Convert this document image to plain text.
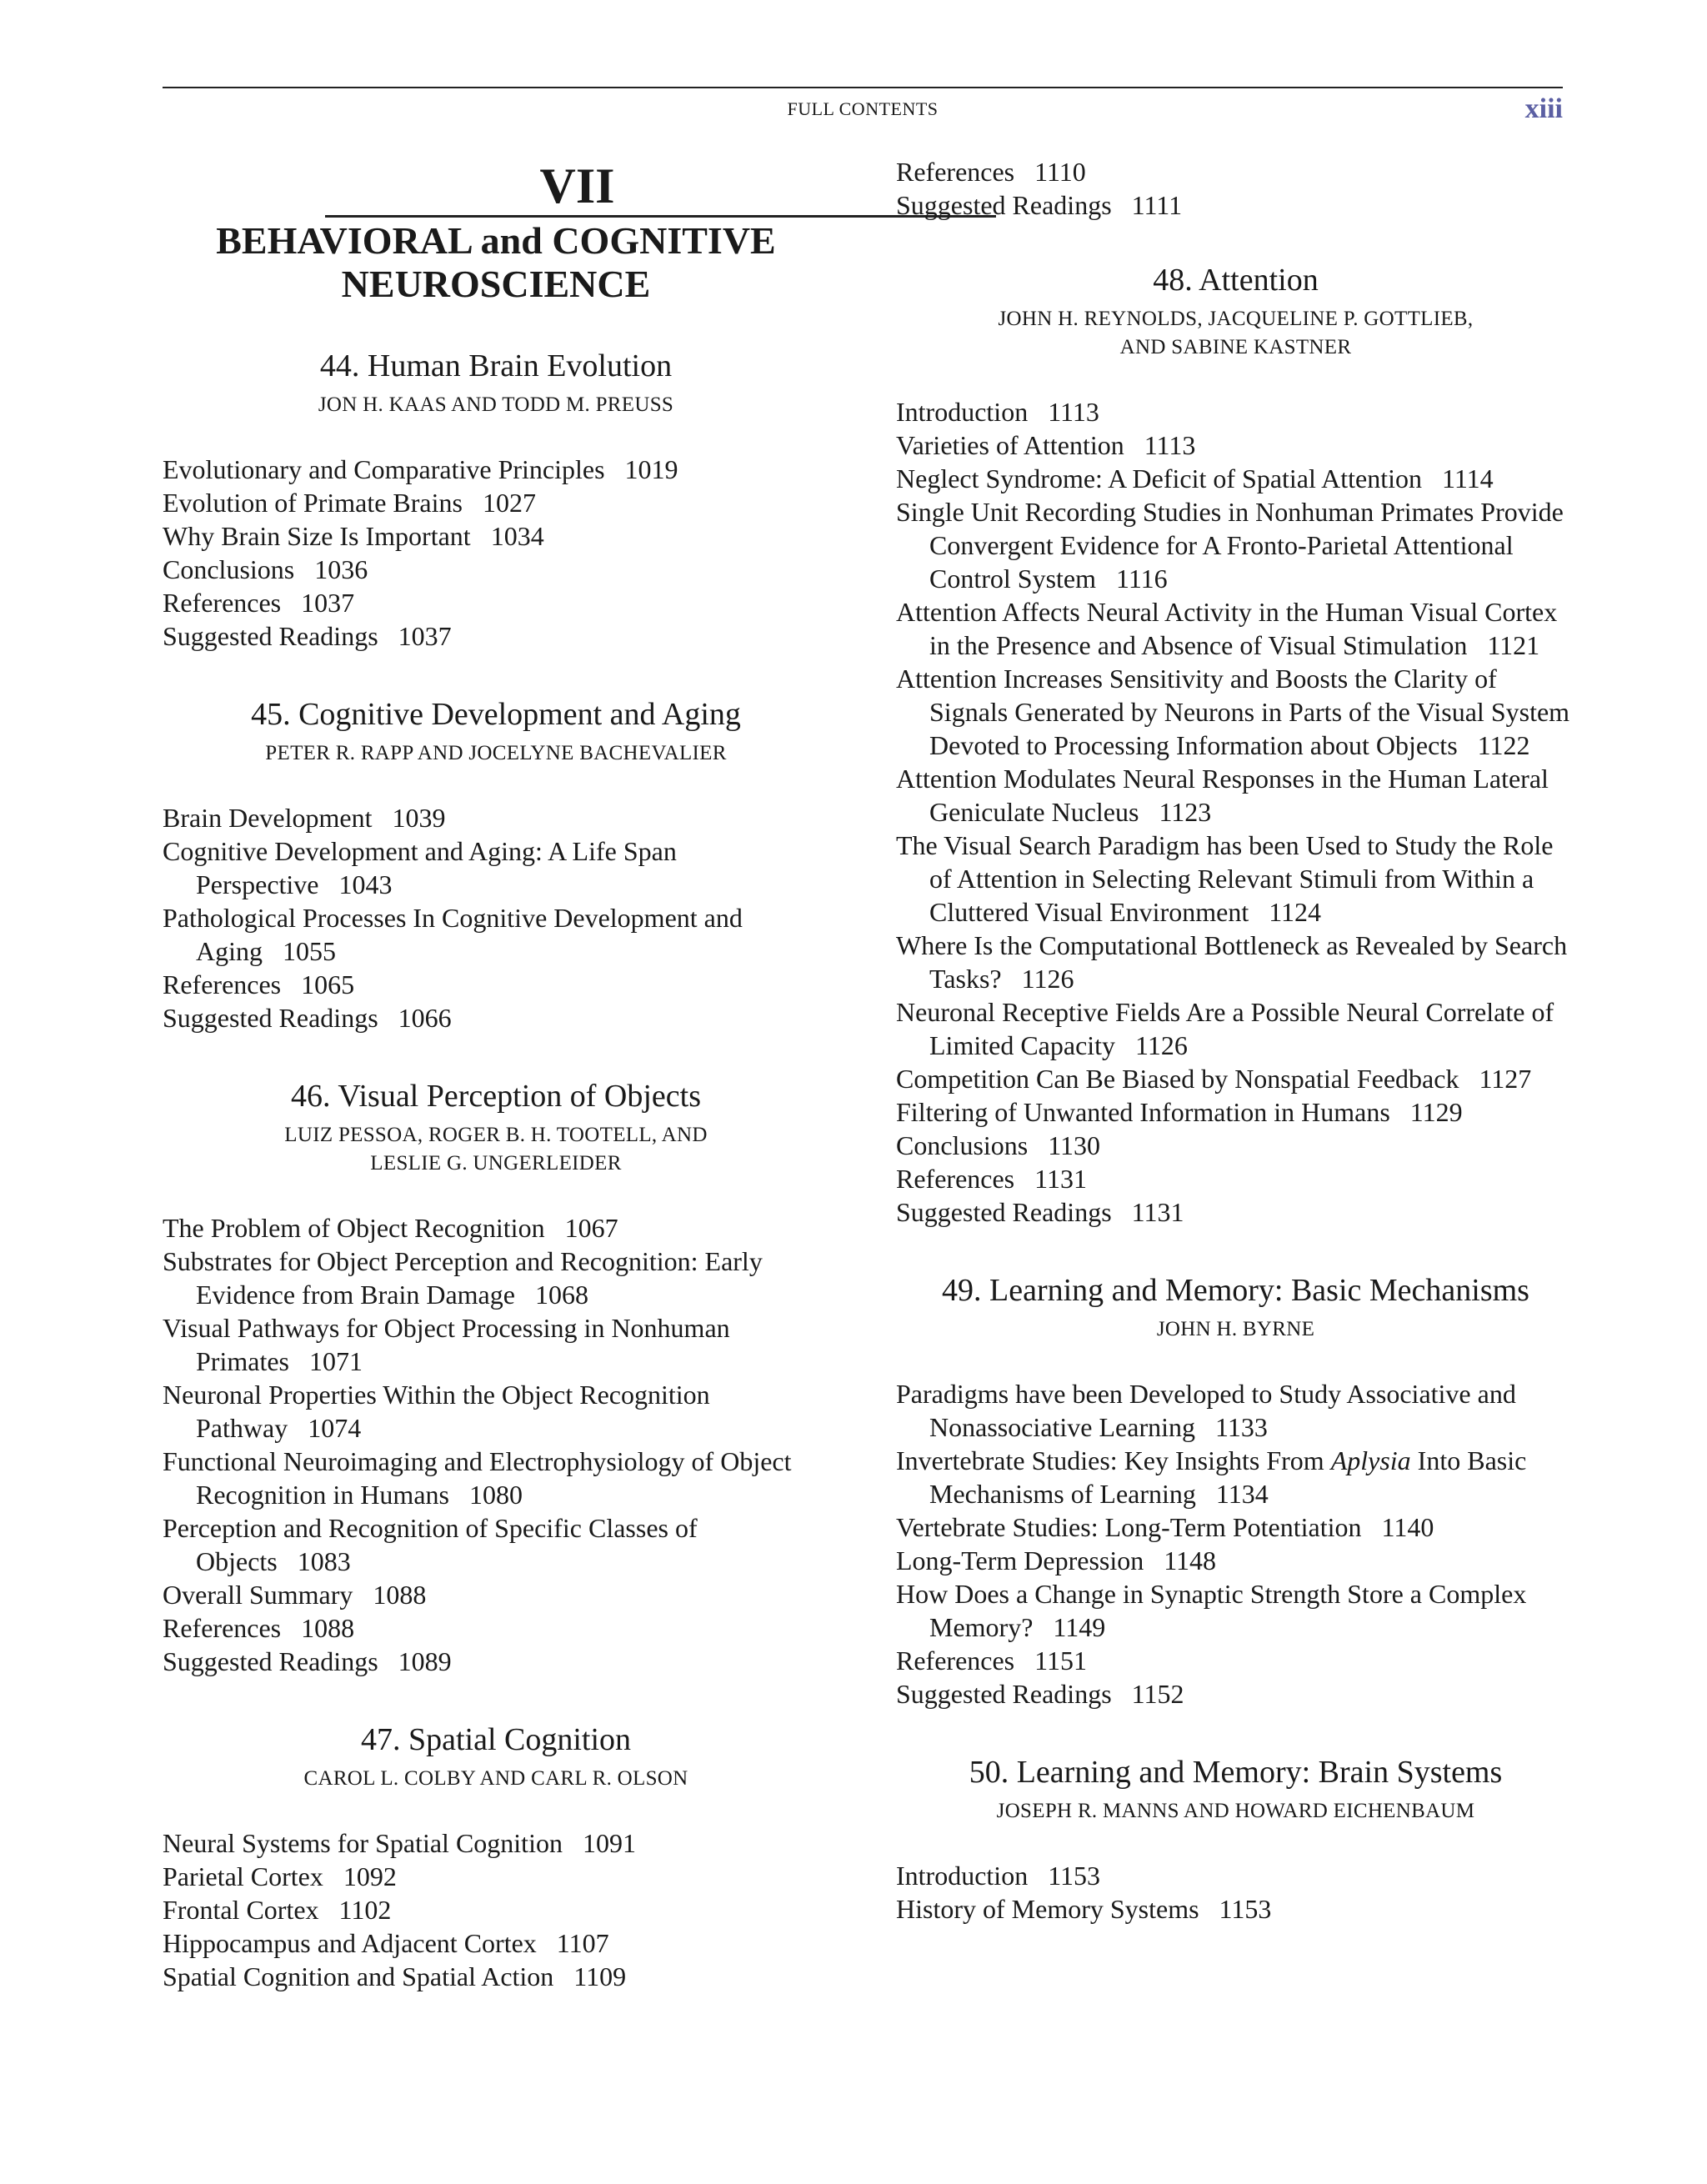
FULL CONTENTS	xiii
VII
BEHAVIORAL and COGNITIVE
NEUROSCIENCE
44. Human Brain Evolution
JON H. KAAS AND TODD M. PREUSS
Evolutionary and Comparative Principles 1019
Evolution of Primate Brains 1027
Why Brain Size Is Important 1034
Conclusions 1036
References 1037
Suggested Readings 1037
45. Cognitive Development and Aging
PETER R. RAPP AND JOCELYNE BACHEVALIER
Brain Development 1039
Cognitive Development and Aging: A Life Span Perspective 1043
Pathological Processes In Cognitive Development and Aging 1055
References 1065
Suggested Readings 1066
46. Visual Perception of Objects
LUIZ PESSOA, ROGER B. H. TOOTELL, AND
LESLIE G. UNGERLEIDER
The Problem of Object Recognition 1067
Substrates for Object Perception and Recognition: Early Evidence from Brain Damage 1068
Visual Pathways for Object Processing in Nonhuman Primates 1071
Neuronal Properties Within the Object Recognition Pathway 1074
Functional Neuroimaging and Electrophysiology of Object Recognition in Humans 1080
Perception and Recognition of Specific Classes of Objects 1083
Overall Summary 1088
References 1088
Suggested Readings 1089
47. Spatial Cognition
CAROL L. COLBY AND CARL R. OLSON
Neural Systems for Spatial Cognition 1091
Parietal Cortex 1092
Frontal Cortex 1102
Hippocampus and Adjacent Cortex 1107
Spatial Cognition and Spatial Action 1109
References 1110
Suggested Readings 1111
48. Attention
JOHN H. REYNOLDS, JACQUELINE P. GOTTLIEB,
AND SABINE KASTNER
Introduction 1113
Varieties of Attention 1113
Neglect Syndrome: A Deficit of Spatial Attention 1114
Single Unit Recording Studies in Nonhuman Primates Provide Convergent Evidence for A Fronto-Parietal Attentional Control System 1116
Attention Affects Neural Activity in the Human Visual Cortex in the Presence and Absence of Visual Stimulation 1121
Attention Increases Sensitivity and Boosts the Clarity of Signals Generated by Neurons in Parts of the Visual System Devoted to Processing Information about Objects 1122
Attention Modulates Neural Responses in the Human Lateral Geniculate Nucleus 1123
The Visual Search Paradigm has been Used to Study the Role of Attention in Selecting Relevant Stimuli from Within a Cluttered Visual Environment 1124
Where Is the Computational Bottleneck as Revealed by Search Tasks? 1126
Neuronal Receptive Fields Are a Possible Neural Correlate of Limited Capacity 1126
Competition Can Be Biased by Nonspatial Feedback 1127
Filtering of Unwanted Information in Humans 1129
Conclusions 1130
References 1131
Suggested Readings 1131
49. Learning and Memory: Basic Mechanisms
JOHN H. BYRNE
Paradigms have been Developed to Study Associative and Nonassociative Learning 1133
Invertebrate Studies: Key Insights From Aplysia Into Basic Mechanisms of Learning 1134
Vertebrate Studies: Long-Term Potentiation 1140
Long-Term Depression 1148
How Does a Change in Synaptic Strength Store a Complex Memory? 1149
References 1151
Suggested Readings 1152
50. Learning and Memory: Brain Systems
JOSEPH R. MANNS AND HOWARD EICHENBAUM
Introduction 1153
History of Memory Systems 1153
